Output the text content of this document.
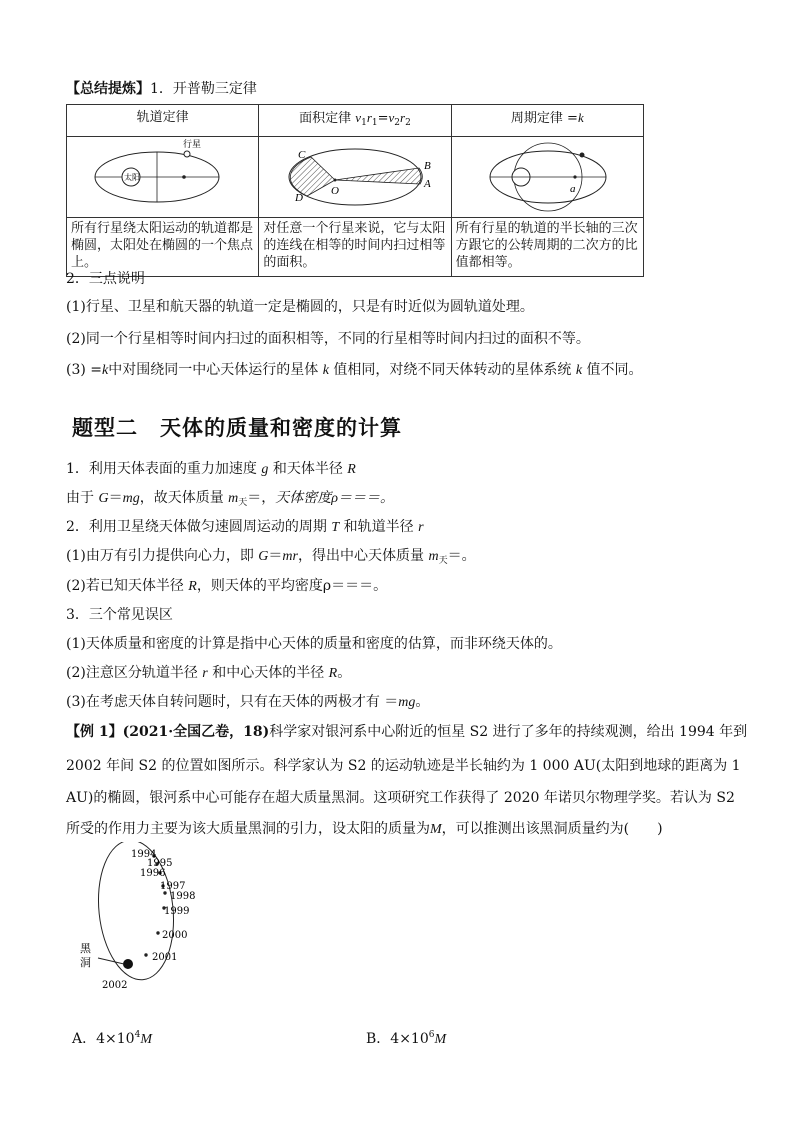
【总结提炼】1．开普勒三定律
轨道定律	面积定律 $v_1r_1=v_2r_2$	周期定律 =k

太阳
行星	C
B
A
D
O	a

所有行星绕太阳运动的轨道都是椭圆，太阳处在椭圆的一个焦点上。	对任意一个行星来说，它与太阳的连线在相等的时间内扫过相等的面积。	所有行星的轨道的半长轴的三次方跟它的公转周期的二次方的比值都相等。
2．三点说明
(1)行星、卫星和航天器的轨道一定是椭圆的，只是有时近似为圆轨道处理。
(2)同一个行星相等时间内扫过的面积相等，不同的行星相等时间内扫过的面积不等。
(3) =k中对围绕同一中心天体运行的星体 k 值相同，对绕不同天体转动的星体系统 k 值不同。
题型二　天体的质量和密度的计算
1．利用天体表面的重力加速度 g 和天体半径 R
由于 G＝mg，故天体质量 $m_天=$，天体密度ρ＝＝＝。
2．利用卫星绕天体做匀速圆周运动的周期 T 和轨道半径 r
(1)由万有引力提供向心力，即 G＝mr，得出中心天体质量 $m_天=$。
(2)若已知天体半径 R，则天体的平均密度ρ＝＝＝。
3．三个常见误区
(1)天体质量和密度的计算是指中心天体的质量和密度的估算，而非环绕天体的。
(2)注意区分轨道半径 r 和中心天体的半径 R。
(3)在考虑天体自转问题时，只有在天体的两极才有 ＝mg。
【例 1】(2021·全国乙卷，18)科学家对银河系中心附近的恒星 S2 进行了多年的持续观测，给出 1994 年到
2002 年间 S2 的位置如图所示。科学家认为 S2 的运动轨迹是半长轴约为 1 000 AU(太阳到地球的距离为 1
AU)的椭圆，银河系中心可能存在超大质量黑洞。这项研究工作获得了 2020 年诺贝尔物理学奖。若认为 S2
所受的作用力主要为该大质量黑洞的引力，设太阳的质量为M，可以推测出该黑洞质量约为(　　)
1994
1995
1996
1997
1998
1999
2000
2001
2002
黑
洞
A．$4\times 10^4M$	B．$4\times 10^6M$
